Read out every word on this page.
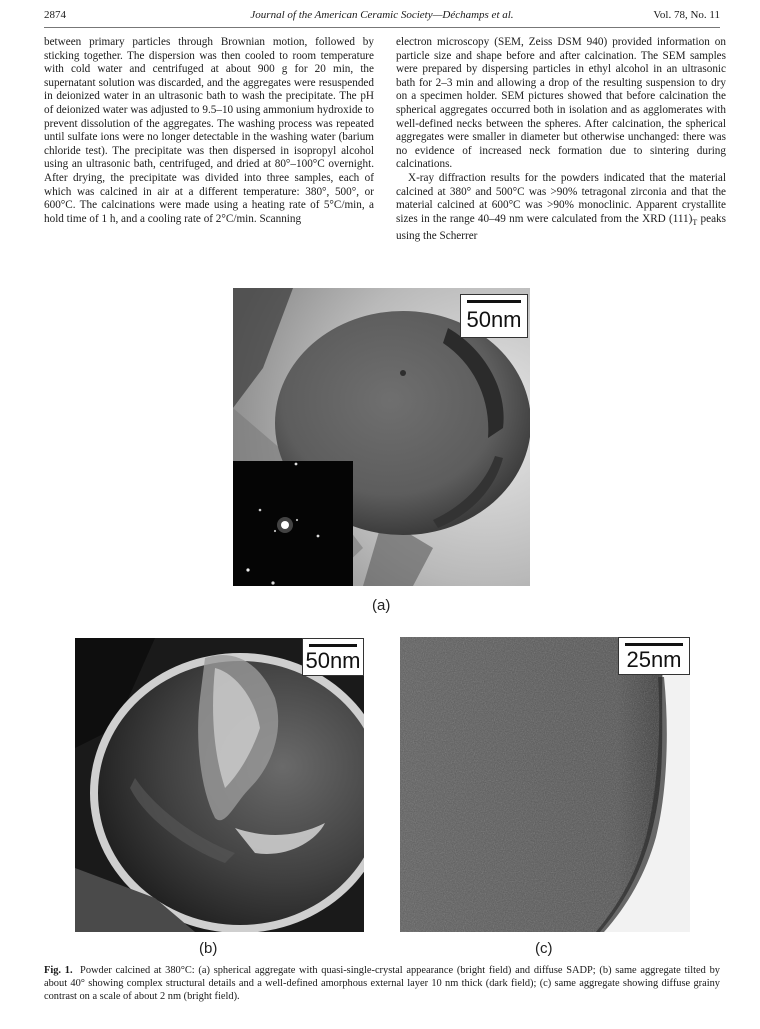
2874	Journal of the American Ceramic Society—Déchamps et al.	Vol. 78, No. 11

between primary particles through Brownian motion, followed by sticking together. The dispersion was then cooled to room temperature with cold water and centrifuged at about 900 g for 20 min, the supernatant solution was discarded, and the aggregates were resuspended in deionized water in an ultrasonic bath to wash the precipitate. The pH of deionized water was adjusted to 9.5–10 using ammonium hydroxide to prevent dissolution of the aggregates. The washing process was repeated until sulfate ions were no longer detectable in the washing water (barium chloride test). The precipitate was then dispersed in isopropyl alcohol using an ultrasonic bath, centrifuged, and dried at 80°–100°C overnight. After drying, the precipitate was divided into three samples, each of which was calcined in air at a different temperature: 380°, 500°, or 600°C. The calcinations were made using a heating rate of 5°C/min, a hold time of 1 h, and a cooling rate of 2°C/min. Scanning

electron microscopy (SEM, Zeiss DSM 940) provided information on particle size and shape before and after calcination. The SEM samples were prepared by dispersing particles in ethyl alcohol in an ultrasonic bath for 2–3 min and allowing a drop of the resulting suspension to dry on a specimen holder. SEM pictures showed that before calcination the spherical aggregates occurred both in isolation and as agglomerates with well-defined necks between the spheres. After calcination, the spherical aggregates were smaller in diameter but otherwise unchanged: there was no evidence of increased neck formation due to sintering during calcinations.

X-ray diffraction results for the powders indicated that the material calcined at 380° and 500°C was >90% tetragonal zirconia and that the material calcined at 600°C was >90% monoclinic. Apparent crystallite sizes in the range 40–49 nm were calculated from the XRD $(111)_T$ peaks using the Scherrer

50nm
(a)
50nm
(b)
25nm
(c)
Fig. 1. Powder calcined at 380°C: (a) spherical aggregate with quasi-single-crystal appearance (bright field) and diffuse SADP; (b) same aggregate tilted by about 40° showing complex structural details and a well-defined amorphous external layer 10 nm thick (dark field); (c) same aggregate showing diffuse grainy contrast on a scale of about 2 nm (bright field).
